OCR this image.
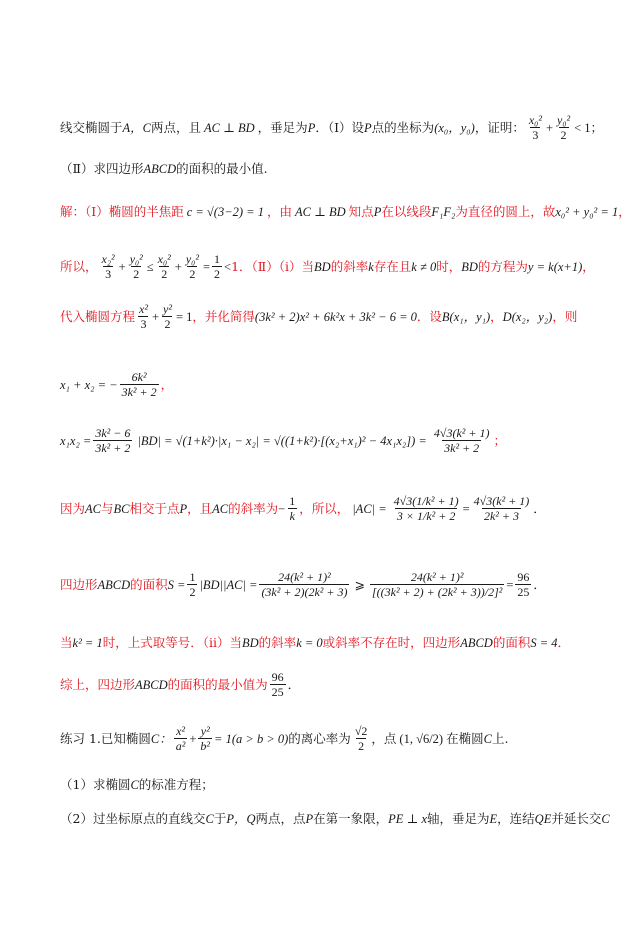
线交椭圆于 A，C 两点，且 AC ⊥ BD ，垂足为 P ．（Ⅰ）设 P 点的坐标为 (x₀，y₀) ，证明： $\frac{\text{x₀²}}{3} + \frac{\text{y₀²}}{2} < 1$；
（Ⅱ）求四边形 ABCD 的面积的最小值.
解：（Ⅰ）椭圆的半焦距 c = √(3−2) = 1 ，由 AC ⊥ BD 知点 P 在以线段 F₁F₂ 为直径的圆上，故 x₀² + y₀² = 1 ，
所以， $\frac{\text{x₂²}}{3} + \frac{\text{y₀²}}{2} \le \frac{\text{x₀²}}{2} + \frac{\text{y₀²}}{2} = \frac{1}{2} < 1$．（Ⅱ）（ⅰ）当 BD 的斜率 k 存在且 k ≠ 0 时， BD 的方程为 y = k(x+1) ，
代入椭圆方程 $\frac{\text{x²}}{3} + \frac{\text{y²}}{2} = 1$ ，并化简得 (3k² + 2)x² + 6k²x + 3k² − 6 = 0 ．设 B(x₁，y₁) ， D(x₂，y₂) ，则
x₁ + x₂ = − $\frac{\text{6k²}}{\text{3k² + 2}}$ ，
$x_1x_2 = \frac{\text{3k² − 6}}{\text{3k² + 2}} |BD| = √(1+k^2)\cdot|x_1 - x_2| = √((1+k^2)\cdot[(x_2+x_1)^2 - 4x_1x_2]) = \frac{\text{4√3(k² + 1)}}{\text{3k² + 2}}$ ；
因为 AC 与 BC 相交于点 P ，且 AC 的斜率为 − $\frac{1}{k}$ ，所以， $|AC| = \frac{\text{4√3(1/k² + 1)}}{\text{3 × 1/k² + 2}} = \frac{\text{4√3(k² + 1)}}{\text{2k² + 3}}$ ．
四边形 ABCD 的面积 $S = \frac{1}{2} |BD||AC| = \frac{\text{24(k² + 1)²}}{\text{(3k² + 2)(2k² + 3)}}$ ⩾ $\frac{\text{24(k² + 1)²}}{\text{[((3k² + 2) + (2k² + 3))/2]²}} = \frac{96}{25}$ ．
当 k² = 1 时，上式取等号．（ⅱ）当 BD 的斜率 k = 0 或斜率不存在时，四边形 ABCD 的面积 S = 4 ．
综上，四边形 ABCD 的面积的最小值为 $\frac{96}{25}$ ．
练习 1.已知椭圆 C： $\frac{\text{x²}}{\text{a²}} + \frac{\text{y²}}{\text{b²}} = 1(a > b > 0)$ 的离心率为 $\frac{√2}{2}$ ，点 (1, √6/2) 在椭圆 C 上.
（1）求椭圆 C 的标准方程；
（2）过坐标原点的直线交 C 于 P，Q 两点，点 P 在第一象限， PE ⊥ x 轴，垂足为 E ，连结 QE 并延长交 C
